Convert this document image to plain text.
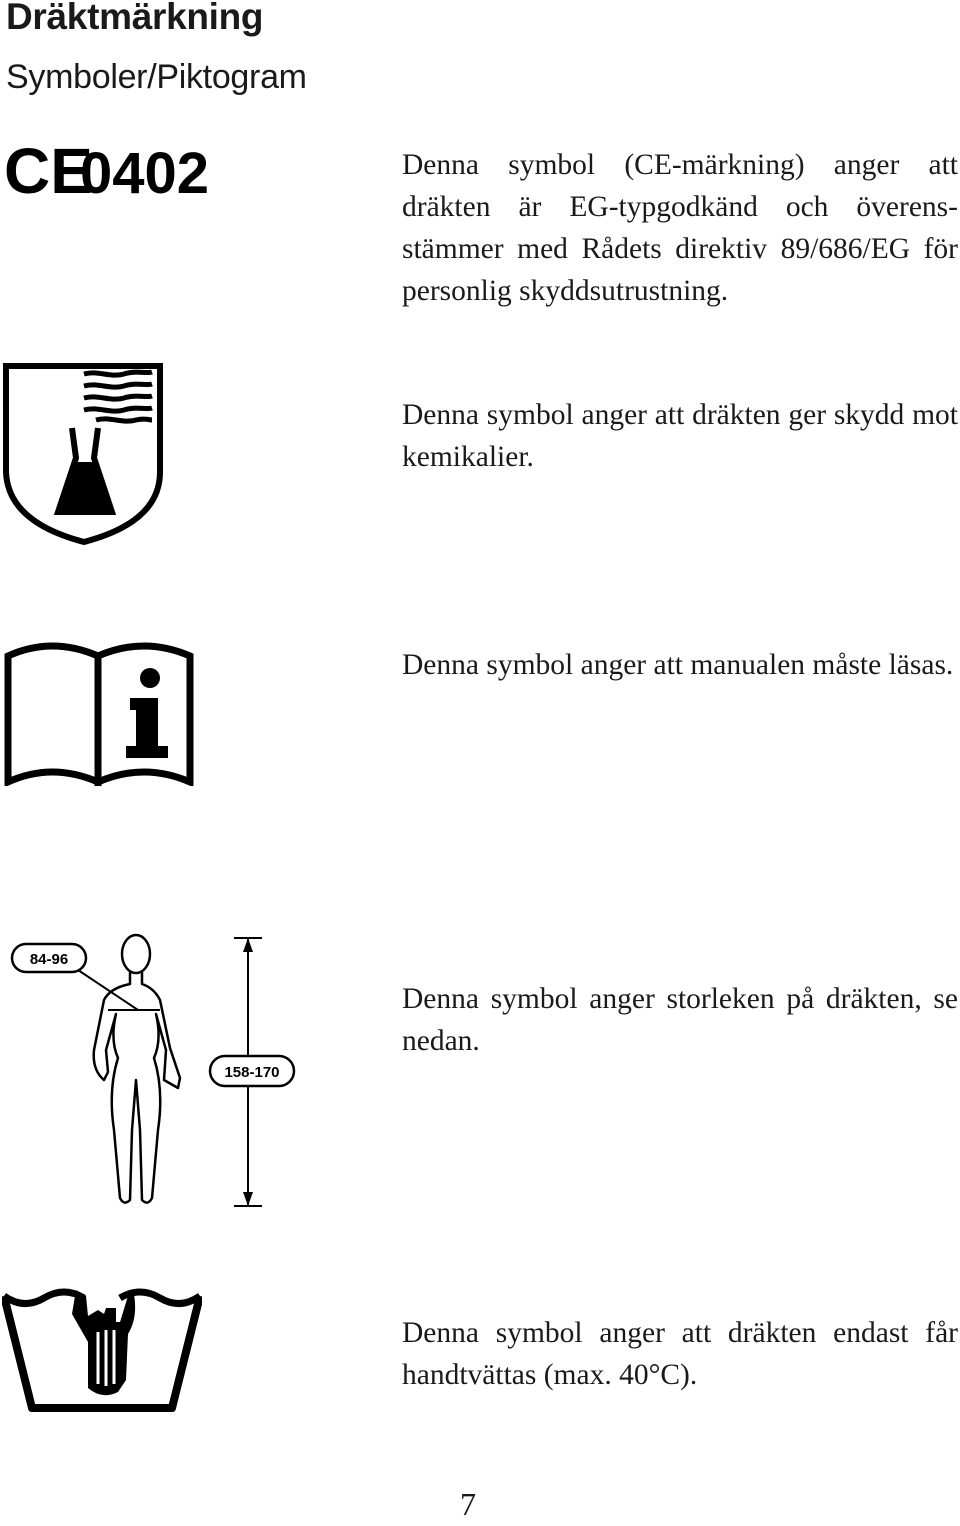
Dräktmärkning
Symboler/Piktogram
CE
0402	Denna symbol (CE-märkning) anger att dräkten är EG-typgodkänd och överens-stämmer med Rådets direktiv 89/686/EG för personlig skyddsutrustning.
Denna symbol anger att dräkten ger skydd mot kemikalier.
Denna symbol anger att manualen måste läsas.
84-96
158-170
Denna symbol anger storleken på dräkten, se nedan.
Denna symbol anger att dräkten endast får handtvättas (max. 40°C).
7
